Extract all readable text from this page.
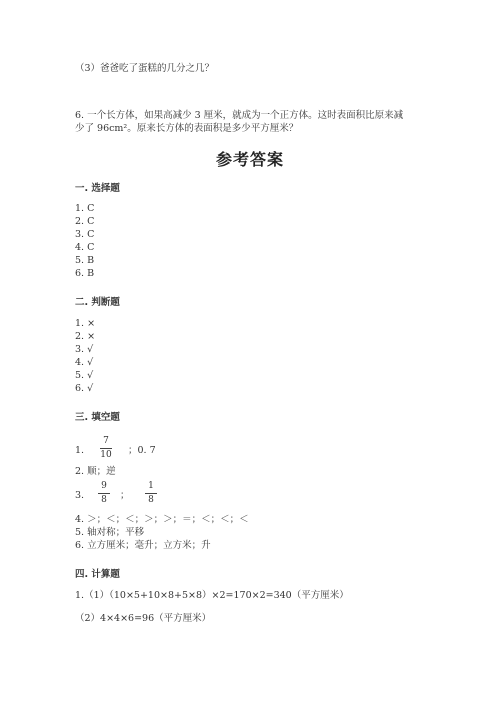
（3）爸爸吃了蛋糕的几分之几？
6. 一个长方体，如果高减少 3 厘米，就成为一个正方体。这时表面积比原来减
少了 96cm²。原来长方体的表面积是多少平方厘米？
参考答案
一. 选择题
1. C
2. C
3. C
4. C
5. B
6. B
二. 判断题
1. ×
2. ×
3. √
4. √
5. √
6. √
三. 填空题
1.
7
10 ；0. 7
2. 顺；逆
3.
9
8 ；
1
8
4. ＞；＜；＜；＞；＞；＝；＜；＜；＜
5. 轴对称；平移
6. 立方厘米；毫升；立方米；升
四. 计算题
1.（1）（10×5+10×8+5×8）×2=170×2=340（平方厘米）
（2）4×4×6=96（平方厘米）
